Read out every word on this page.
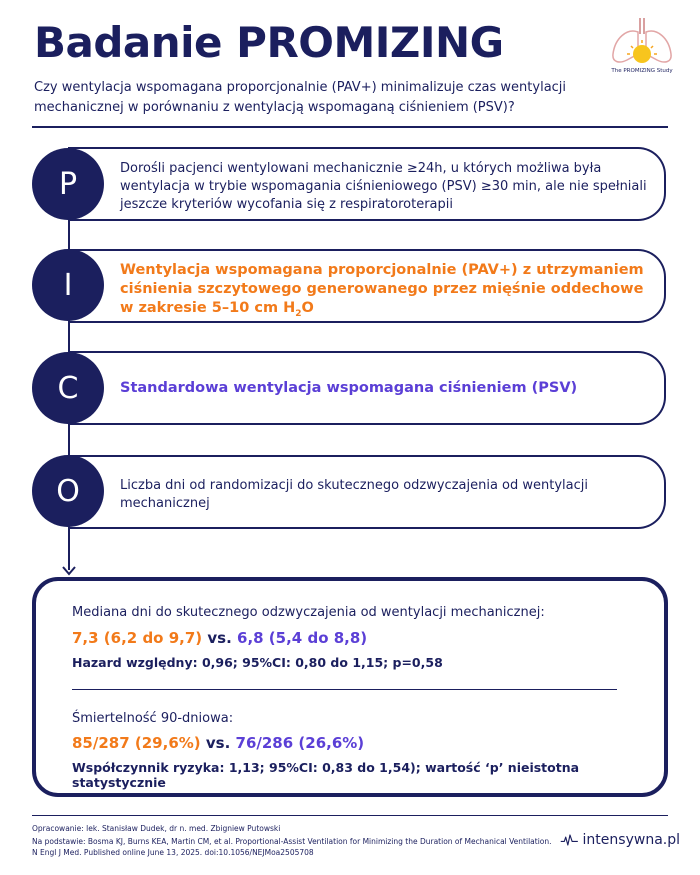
Badanie PROMIZING
The PROMIZING Study
Czy wentylacja wspomagana proporcjonalnie (PAV+) minimalizuje czas wentylacji mechanicznej w porównaniu z wentylacją wspomaganą ciśnieniem (PSV)?
P	Dorośli pacjenci wentylowani mechanicznie ≥24h, u których możliwa była wentylacja w trybie wspomagania ciśnieniowego (PSV) ≥30 min, ale nie spełniali jeszcze kryteriów wycofania się z respiratoroterapii
I	Wentylacja wspomagana proporcjonalnie (PAV+) z utrzymaniem ciśnienia szczytowego generowanego przez mięśnie oddechowe w zakresie 5–10 cm $H_2O$
C	Standardowa wentylacja wspomagana ciśnieniem (PSV)
O	Liczba dni od randomizacji do skutecznego odzwyczajenia od wentylacji mechanicznej
Mediana dni do skutecznego odzwyczajenia od wentylacji mechanicznej:
7,3 (6,2 do 9,7) vs. 6,8 (5,4 do 8,8)
Hazard względny: 0,96; 95%CI: 0,80 do 1,15; p=0,58
Śmiertelność 90-dniowa:
85/287 (29,6%) vs. 76/286 (26,6%)
Współczynnik ryzyka: 1,13; 95%CI: 0,83 do 1,54); wartość ‘p’ nieistotna statystycznie
Opracowanie: lek. Stanisław Dudek, dr n. med. Zbigniew Putowski
Na podstawie: Bosma KJ, Burns KEA, Martin CM, et al. Proportional-Assist Ventilation for Minimizing the Duration of Mechanical Ventilation. N Engl J Med. Published online June 13, 2025. doi:10.1056/NEJMoa2505708
intensywna.pl
